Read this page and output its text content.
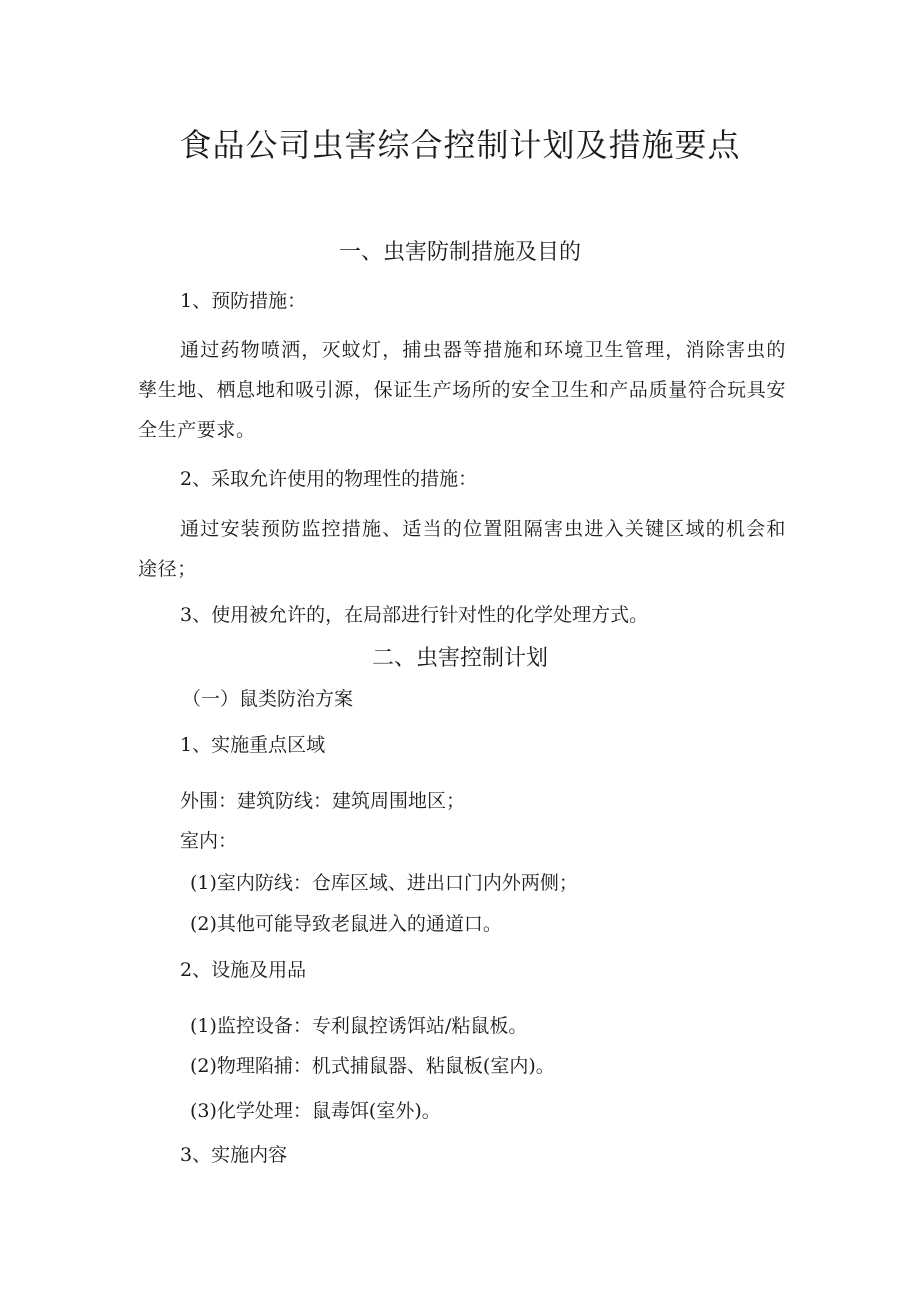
食品公司虫害综合控制计划及措施要点
一、虫害防制措施及目的
1、预防措施：
通过药物喷洒，灭蚊灯，捕虫器等措施和环境卫生管理，消除害虫的孳生地、栖息地和吸引源，保证生产场所的安全卫生和产品质量符合玩具安全生产要求。
2、采取允许使用的物理性的措施：
通过安装预防监控措施、适当的位置阻隔害虫进入关键区域的机会和途径；
3、使用被允许的，在局部进行针对性的化学处理方式。
二、虫害控制计划
（一）鼠类防治方案
1、实施重点区域
外围：建筑防线：建筑周围地区；
室内：
(1)室内防线：仓库区域、进出口门内外两侧；
(2)其他可能导致老鼠进入的通道口。
2、设施及用品
(1)监控设备：专利鼠控诱饵站/粘鼠板。
(2)物理陷捕：机式捕鼠器、粘鼠板(室内)。
(3)化学处理：鼠毒饵(室外)。
3、实施内容
